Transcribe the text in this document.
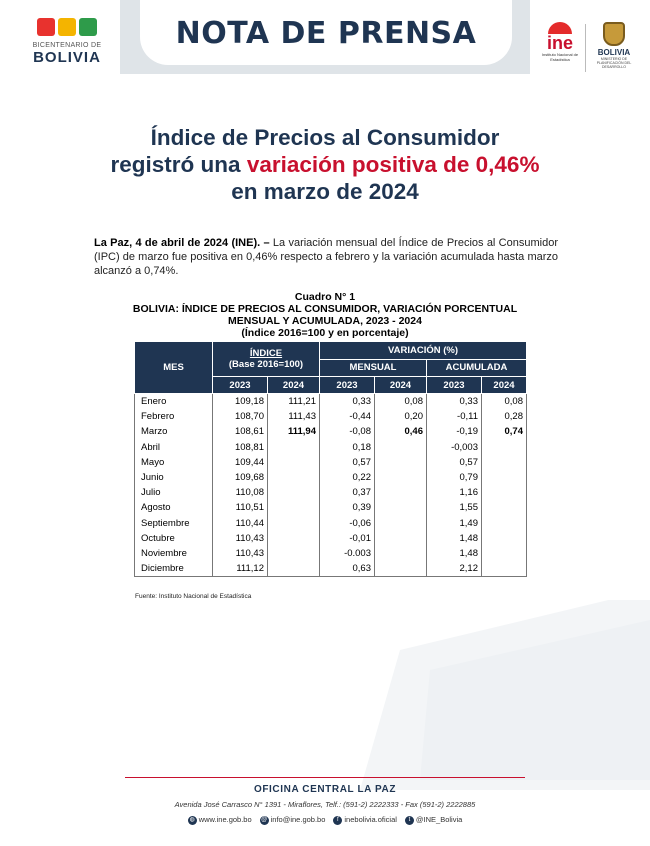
BICENTENARIO DE
BOLIVIA
NOTA DE PRENSA	ine
Instituto Nacional de Estadística
BOLIVIA
MINISTERIO DE PLANIFICACIÓN DEL DESARROLLO
Índice de Precios al Consumidor
registró una variación positiva de 0,46%
en marzo de 2024
La Paz, 4 de abril de 2024 (INE). – La variación mensual del Índice de Precios al Consumidor (IPC) de marzo fue positiva en 0,46% respecto a febrero y la variación acumulada hasta marzo alcanzó a 0,74%.
Cuadro N° 1
BOLIVIA: ÍNDICE DE PRECIOS AL CONSUMIDOR, VARIACIÓN PORCENTUAL
MENSUAL Y ACUMULADA, 2023 - 2024
(Índice 2016=100 y en porcentaje)
MES	ÍNDICE
(Base 2016=100)		VARIACIÓN (%)			
			MENSUAL		ACUMULADA	
	2023	2024	2023	2024	2023	2024
Enero	109,18	111,21	0,33	0,08	0,33	0,08
Febrero	108,70	111,43	-0,44	0,20	-0,11	0,28
Marzo	108,61	111,94	-0,08	0,46	-0,19	0,74
Abril	108,81		0,18		-0,003	
Mayo	109,44		0,57		0,57	
Junio	109,68		0,22		0,79	
Julio	110,08		0,37		1,16	
Agosto	110,51		0,39		1,55	
Septiembre	110,44		-0,06		1,49	
Octubre	110,43		-0,01		1,48	
Noviembre	110,43		-0.003		1,48	
Diciembre	111,12		0,63		2,12	
Fuente: Instituto Nacional de Estadística
OFICINA CENTRAL LA PAZ
Avenida José Carrasco N° 1391 - Miraflores, Telf.: (591-2) 2222333 - Fax (591-2) 2222885
◍ www.ine.gob.bo @ info@ine.gob.bo f inebolivia.oficial t @INE_Bolivia
